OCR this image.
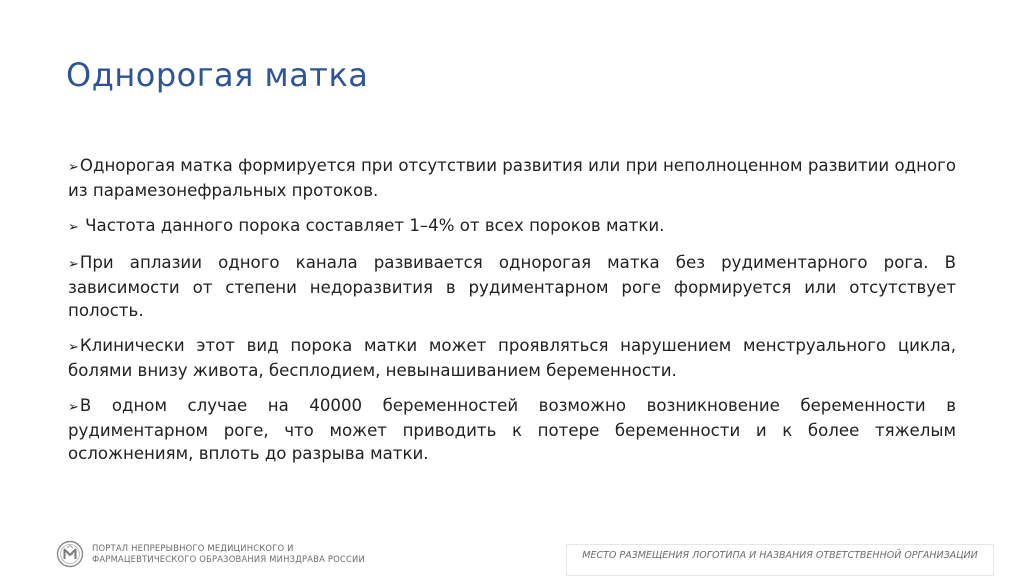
Однорогая матка

➢Однорогая матка формируется при отсутствии развития или при неполноценном развитии одного из парамезонефральных протоков.

➢ Частота данного порока составляет 1–4% от всех пороков матки.

➢При аплазии одного канала развивается однорогая матка без рудиментарного рога. В зависимости от степени недоразвития в рудиментарном роге формируется или отсутствует полость.

➢Клинически этот вид порока матки может проявляться нарушением менструального цикла, болями внизу живота, бесплодием, невынашиванием беременности.

➢В одном случае на 40000 беременностей возможно возникновение беременности в рудиментарном роге, что может приводить к потере беременности и к более тяжелым осложнениям, вплоть до разрыва матки.

ПОРТАЛ НЕПРЕРЫВНОГО МЕДИЦИНСКОГО И
ФАРМАЦЕВТИЧЕСКОГО ОБРАЗОВАНИЯ МИНЗДРАВА РОССИИ	МЕСТО РАЗМЕЩЕНИЯ ЛОГОТИПА И НАЗВАНИЯ ОТВЕТСТВЕННОЙ ОРГАНИЗАЦИИ
